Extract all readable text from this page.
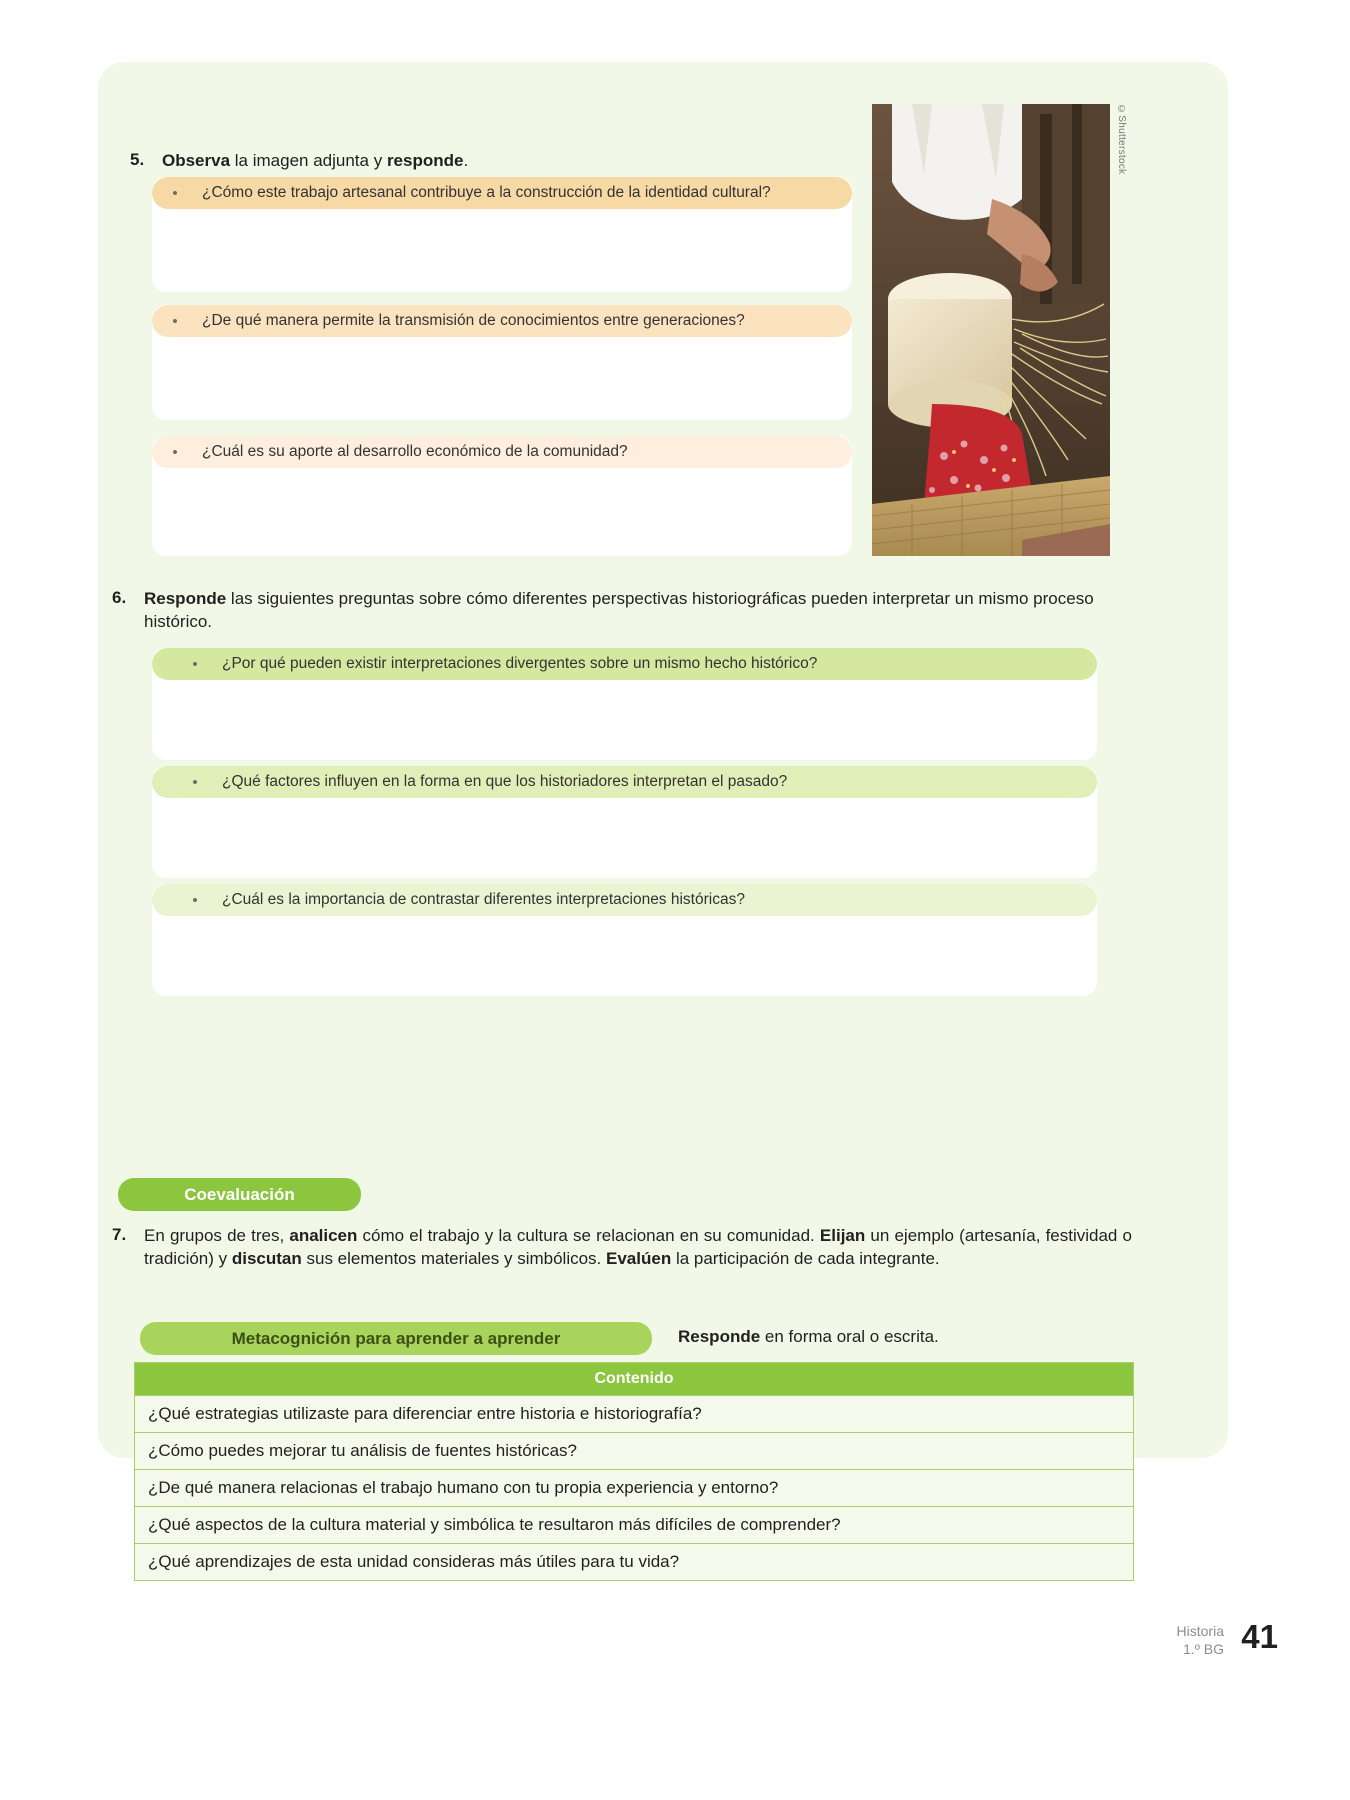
5.	Observa la imagen adjunta y responde.
•	¿Cómo este trabajo artesanal contribuye a la construcción de la identidad cultural?
•	¿De qué manera permite la transmisión de conocimientos entre generaciones?
•	¿Cuál es su aporte al desarrollo económico de la comunidad?
©Shutterstock
6.	Responde las siguientes preguntas sobre cómo diferentes perspectivas historiográficas pueden interpretar un mismo proceso histórico.
•	¿Por qué pueden existir interpretaciones divergentes sobre un mismo hecho histórico?
•	¿Qué factores influyen en la forma en que los historiadores interpretan el pasado?
•	¿Cuál es la importancia de contrastar diferentes interpretaciones históricas?
Coevaluación
7.	En grupos de tres, analicen cómo el trabajo y la cultura se relacionan en su comunidad. Elijan un ejemplo (artesanía, festividad o tradición) y discutan sus elementos materiales y simbólicos. Evalúen la participación de cada integrante.
Metacognición para aprender a aprender	Responde en forma oral o escrita.
Contenido
¿Qué estrategias utilizaste para diferenciar entre historia e historiografía?
¿Cómo puedes mejorar tu análisis de fuentes históricas?
¿De qué manera relacionas el trabajo humano con tu propia experiencia y entorno?
¿Qué aspectos de la cultura material y simbólica te resultaron más difíciles de comprender?
¿Qué aprendizajes de esta unidad consideras más útiles para tu vida?
Historia
1.º BG 41
